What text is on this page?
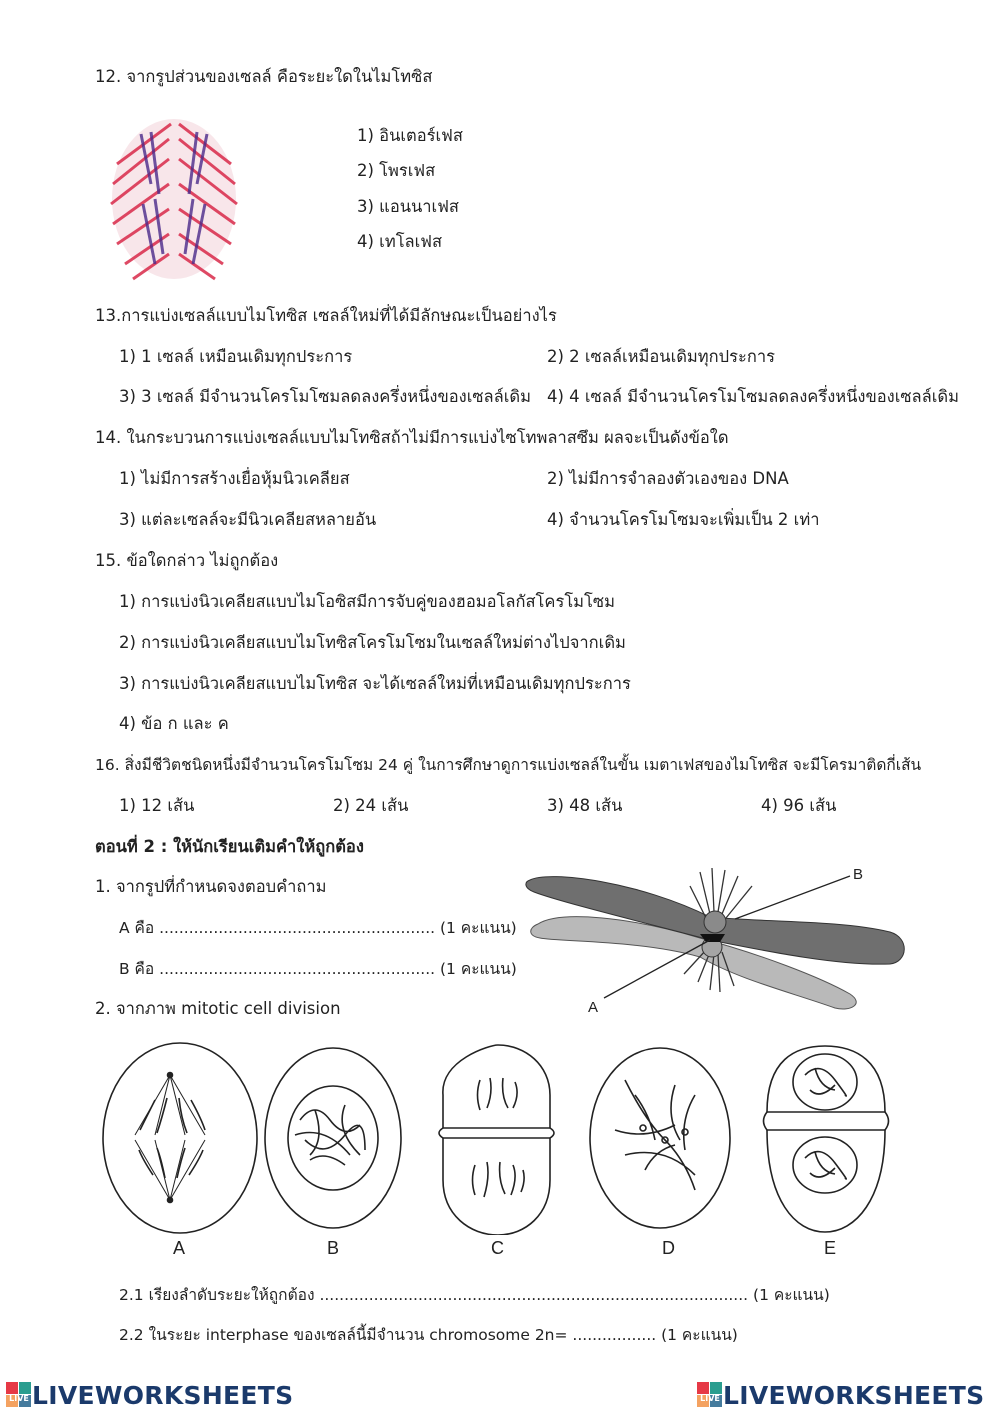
12. จากรูปส่วนของเซลล์ คือระยะใดในไมโทซิส
1) อินเตอร์เฟส
2) โพรเฟส
3) แอนนาเฟส
4) เทโลเฟส
13.การแบ่งเซลล์แบบไมโทซิส เซลล์ใหม่ที่ได้มีลักษณะเป็นอย่างไร
1) 1 เซลล์ เหมือนเดิมทุกประการ	2) 2 เซลล์เหมือนเดิมทุกประการ
3) 3 เซลล์ มีจำนวนโครโมโซมลดลงครึ่งหนึ่งของเซลล์เดิม 4) 4 เซลล์ มีจำนวนโครโมโซมลดลงครึ่งหนึ่งของเซลล์เดิม
14. ในกระบวนการแบ่งเซลล์แบบไมโทซิสถ้าไม่มีการแบ่งไซโทพลาสซึม ผลจะเป็นดังข้อใด
1) ไม่มีการสร้างเยื่อหุ้มนิวเคลียส	2) ไม่มีการจำลองตัวเองของ DNA
3) แต่ละเซลล์จะมีนิวเคลียสหลายอัน	4) จำนวนโครโมโซมจะเพิ่มเป็น 2 เท่า
15. ข้อใดกล่าว ไม่ถูกต้อง
1) การแบ่งนิวเคลียสแบบไมโอซิสมีการจับคู่ของฮอมอโลกัสโครโมโซม
2) การแบ่งนิวเคลียสแบบไมโทซิสโครโมโซมในเซลล์ใหม่ต่างไปจากเดิม
3) การแบ่งนิวเคลียสแบบไมโทซิส จะได้เซลล์ใหม่ที่เหมือนเดิมทุกประการ
4) ข้อ ก และ ค
16. สิ่งมีชีวิตชนิดหนึ่งมีจำนวนโครโมโซม 24 คู่ ในการศึกษาดูการแบ่งเซลล์ในขั้น เมตาเฟสของไมโทซิส จะมีโครมาติดกี่เส้น
1) 12 เส้น	2) 24 เส้น	3) 48 เส้น	4) 96 เส้น
ตอนที่ 2 : ให้นักเรียนเติมคำให้ถูกต้อง
1. จากรูปที่กำหนดจงตอบคำถาม
A คือ ........................................................ (1 คะแนน)
B คือ ........................................................ (1 คะแนน)
B
A
2. จากภาพ mitotic cell division
A	B	C	D	E
2.1 เรียงลำดับระยะให้ถูกต้อง ....................................................................................... (1 คะแนน)
2.2 ในระยะ interphase ของเซลล์นี้มีจำนวน chromosome 2n= ................. (1 คะแนน)
LIVE LIVEWORKSHEETS	LIVE LIVEWORKSHEETS
